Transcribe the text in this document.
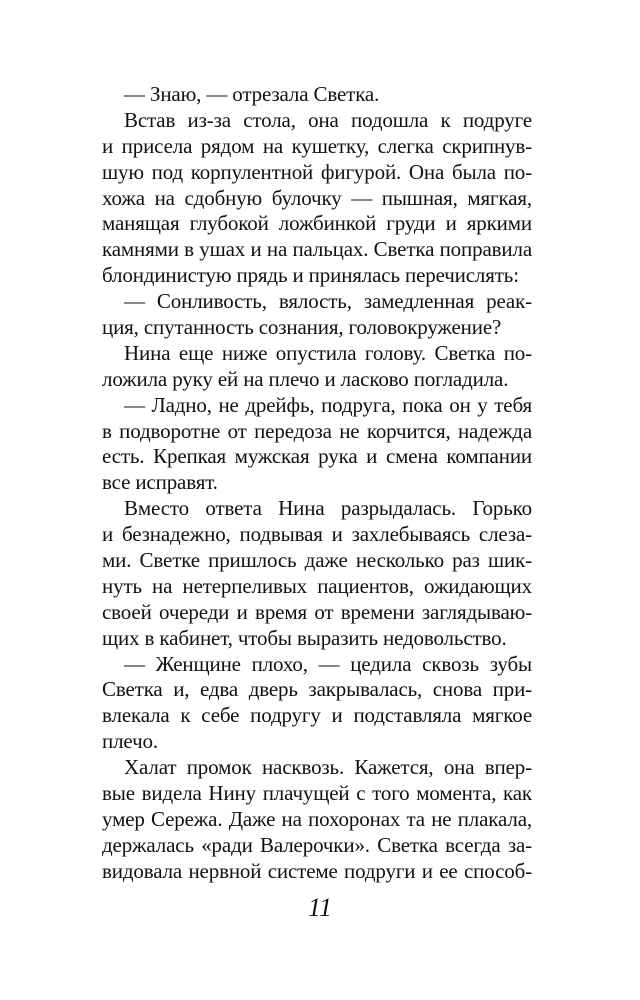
— Знаю, — отрезала Светка.
Встав из-за стола, она подошла к подруге
и присела рядом на кушетку, слегка скрипнув-
шую под корпулентной фигурой. Она была по-
хожа на сдобную булочку — пышная, мягкая,
манящая глубокой ложбинкой груди и яркими
камнями в ушах и на пальцах. Светка поправила
блондинистую прядь и принялась перечислять:
— Сонливость, вялость, замедленная реак-
ция, спутанность сознания, головокружение?
Нина еще ниже опустила голову. Светка по-
ложила руку ей на плечо и ласково погладила.
— Ладно, не дрейфь, подруга, пока он у тебя
в подворотне от передоза не корчится, надежда
есть. Крепкая мужская рука и смена компании
все исправят.
Вместо ответа Нина разрыдалась. Горько
и безнадежно, подвывая и захлебываясь слеза-
ми. Светке пришлось даже несколько раз шик-
нуть на нетерпеливых пациентов, ожидающих
своей очереди и время от времени заглядываю-
щих в кабинет, чтобы выразить недовольство.
— Женщине плохо, — цедила сквозь зубы
Светка и, едва дверь закрывалась, снова при-
влекала к себе подругу и подставляла мягкое
плечо.
Халат промок насквозь. Кажется, она впер-
вые видела Нину плачущей с того момента, как
умер Сережа. Даже на похоронах та не плакала,
держалась «ради Валерочки». Светка всегда за-
видовала нервной системе подруги и ее способ-
11
